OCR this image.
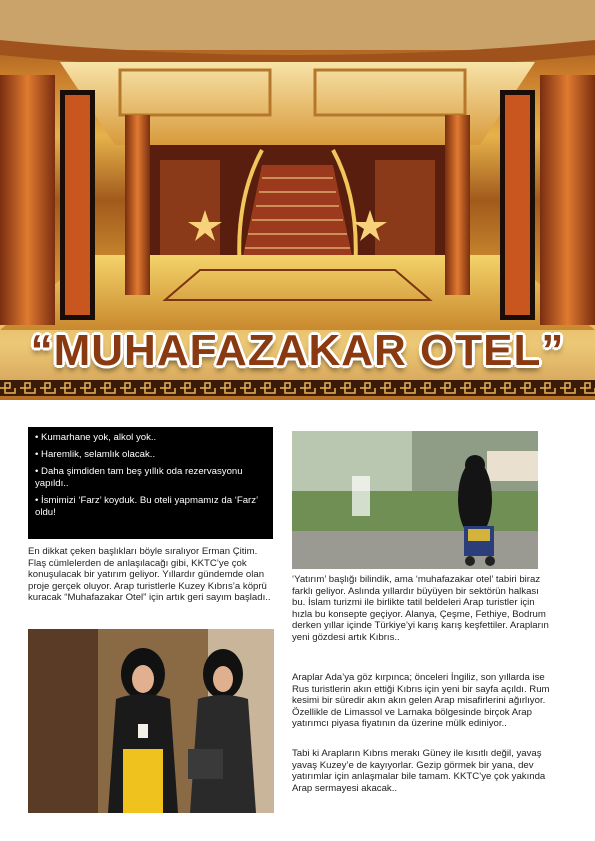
“MUHAFAZAKAR OTEL”
• Kumarhane yok, alkol yok..
• Haremlik, selamlık olacak..
• Daha şimdiden tam beş yıllık oda rezervasyonu yapıldı..
• İsmimizi ‘Farz’ koyduk. Bu oteli yapmamız da ‘Farz’ oldu!
En dikkat çeken başlıkları böyle sıralıyor Erman Çitim. Flaş cümlelerden de anlaşılacağı gibi, KKTC’ye çok konuşulacak bir yatırım geliyor. Yıllardır gündemde olan proje gerçek oluyor. Arap turistlerle Kuzey Kıbrıs’a köprü kuracak “Muhafazakar Otel” için artık geri sayım başladı..
‘Yatırım’ başlığı bilindik, ama ‘muhafazakar otel’ tabiri biraz farklı geliyor. Aslında yıllardır büyüyen bir sektörün halkası bu. İslam turizmi ile birlikte tatil beldeleri Arap turistler için hızla bu konsepte geçiyor. Alanya, Çeşme, Fethiye, Bodrum derken yıllar içinde Türkiye’yi karış karış keşfettiler. Arapların yeni gözdesi artık Kıbrıs..
Araplar Ada’ya göz kırpınca; önceleri İngiliz, son yıllarda ise Rus turistlerin akın ettiği Kıbrıs için yeni bir sayfa açıldı. Rum kesimi bir süredir akın akın gelen Arap misafirlerini ağırlıyor. Özellikle de Limassol ve Larnaka bölgesinde birçok Arap yatırımcı piyasa fiyatının da üzerine mülk ediniyor..
Tabi ki Arapların Kıbrıs merakı Güney ile kısıtlı değil, yavaş yavaş Kuzey’e de kayıyorlar. Gezip görmek bir yana, dev yatırımlar için anlaşmalar bile tamam. KKTC’ye çok yakında Arap sermayesi akacak..
